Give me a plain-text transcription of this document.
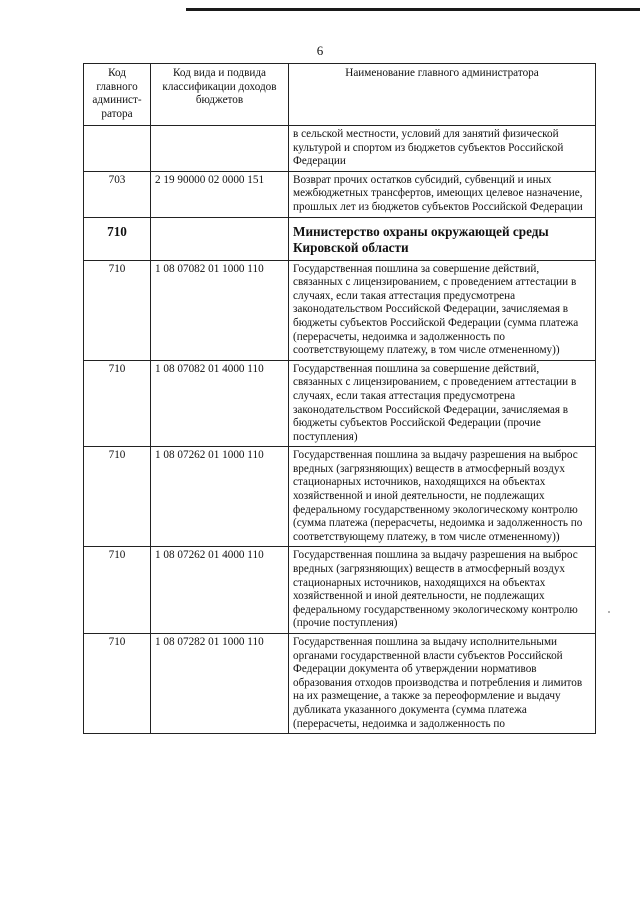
6
Код главного админист-ратора	Код вида и подвида классификации доходов бюджетов	Наименование главного администратора
		в сельской местности, условий для занятий физической культурой и спортом из бюджетов субъектов Российской Федерации
703	2 19 90000 02 0000 151	Возврат прочих остатков субсидий, субвенций и иных межбюджетных трансфертов, имеющих целевое назначение, прошлых лет из бюджетов субъектов Российской Федерации
710		Министерство охраны окружающей среды Кировской области
710	1 08 07082 01 1000 110	Государственная пошлина за совершение действий, связанных с лицензированием, с проведением аттестации в случаях, если такая аттестация предусмотрена законодательством Российской Федерации, зачисляемая в бюджеты субъектов Российской Федерации (сумма платежа (перерасчеты, недоимка и задолженность по соответствующему платежу, в том числе отмененному))
710	1 08 07082 01 4000 110	Государственная пошлина за совершение действий, связанных с лицензированием, с проведением аттестации в случаях, если такая аттестация предусмотрена законодательством Российской Федерации, зачисляемая в бюджеты субъектов Российской Федерации (прочие поступления)
710	1 08 07262 01 1000 110	Государственная пошлина за выдачу разрешения на выброс вредных (загрязняющих) веществ в атмосферный воздух стационарных источников, находящихся на объектах хозяйственной и иной деятельности, не подлежащих федеральному государственному экологическому контролю (сумма платежа (перерасчеты, недоимка и задолженность по соответствующему платежу, в том числе отмененному))
710	1 08 07262 01 4000 110	Государственная пошлина за выдачу разрешения на выброс вредных (загрязняющих) веществ в атмосферный воздух стационарных источников, находящихся на объектах хозяйственной и иной деятельности, не подлежащих федеральному государственному экологическому контролю (прочие поступления)
710	1 08 07282 01 1000 110	Государственная пошлина за выдачу исполнительными органами государственной власти субъектов Российской Федерации документа об утверждении нормативов образования отходов производства и потребления и лимитов на их размещение, а также за переоформление и выдачу дубликата указанного документа (сумма платежа (перерасчеты, недоимка и задолженность по
